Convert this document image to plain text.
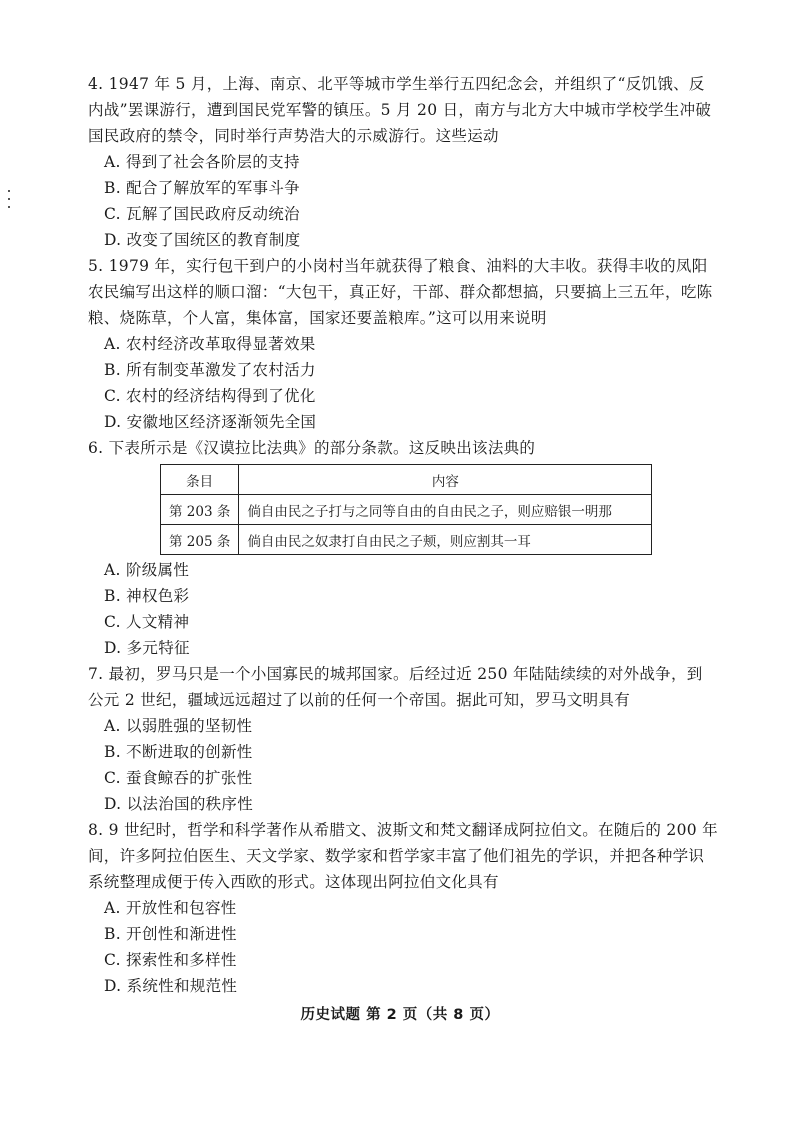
4. 1947 年 5 月，上海、南京、北平等城市学生举行五四纪念会，并组织了“反饥饿、反内战”罢课游行，遭到国民党军警的镇压。5 月 20 日，南方与北方大中城市学校学生冲破国民政府的禁令，同时举行声势浩大的示威游行。这些运动

A. 得到了社会各阶层的支持

B. 配合了解放军的军事斗争

C. 瓦解了国民政府反动统治

D. 改变了国统区的教育制度

5. 1979 年，实行包干到户的小岗村当年就获得了粮食、油料的大丰收。获得丰收的凤阳农民编写出这样的顺口溜：“大包干，真正好，干部、群众都想搞，只要搞上三五年，吃陈粮、烧陈草，个人富，集体富，国家还要盖粮库。”这可以用来说明

A. 农村经济改革取得显著效果

B. 所有制变革激发了农村活力

C. 农村的经济结构得到了优化

D. 安徽地区经济逐渐领先全国

6. 下表所示是《汉谟拉比法典》的部分条款。这反映出该法典的

条目	内容
第 203 条	倘自由民之子打与之同等自由的自由民之子，则应赔银一明那
第 205 条	倘自由民之奴隶打自由民之子颊，则应割其一耳

A. 阶级属性

B. 神权色彩

C. 人文精神

D. 多元特征

7. 最初，罗马只是一个小国寡民的城邦国家。后经过近 250 年陆陆续续的对外战争，到公元 2 世纪，疆域远远超过了以前的任何一个帝国。据此可知，罗马文明具有

A. 以弱胜强的坚韧性

B. 不断进取的创新性

C. 蚕食鲸吞的扩张性

D. 以法治国的秩序性

8. 9 世纪时，哲学和科学著作从希腊文、波斯文和梵文翻译成阿拉伯文。在随后的 200 年间，许多阿拉伯医生、天文学家、数学家和哲学家丰富了他们祖先的学识，并把各种学识系统整理成便于传入西欧的形式。这体现出阿拉伯文化具有

A. 开放性和包容性

B. 开创性和渐进性

C. 探索性和多样性

D. 系统性和规范性

历史试题 第 2 页（共 8 页）
